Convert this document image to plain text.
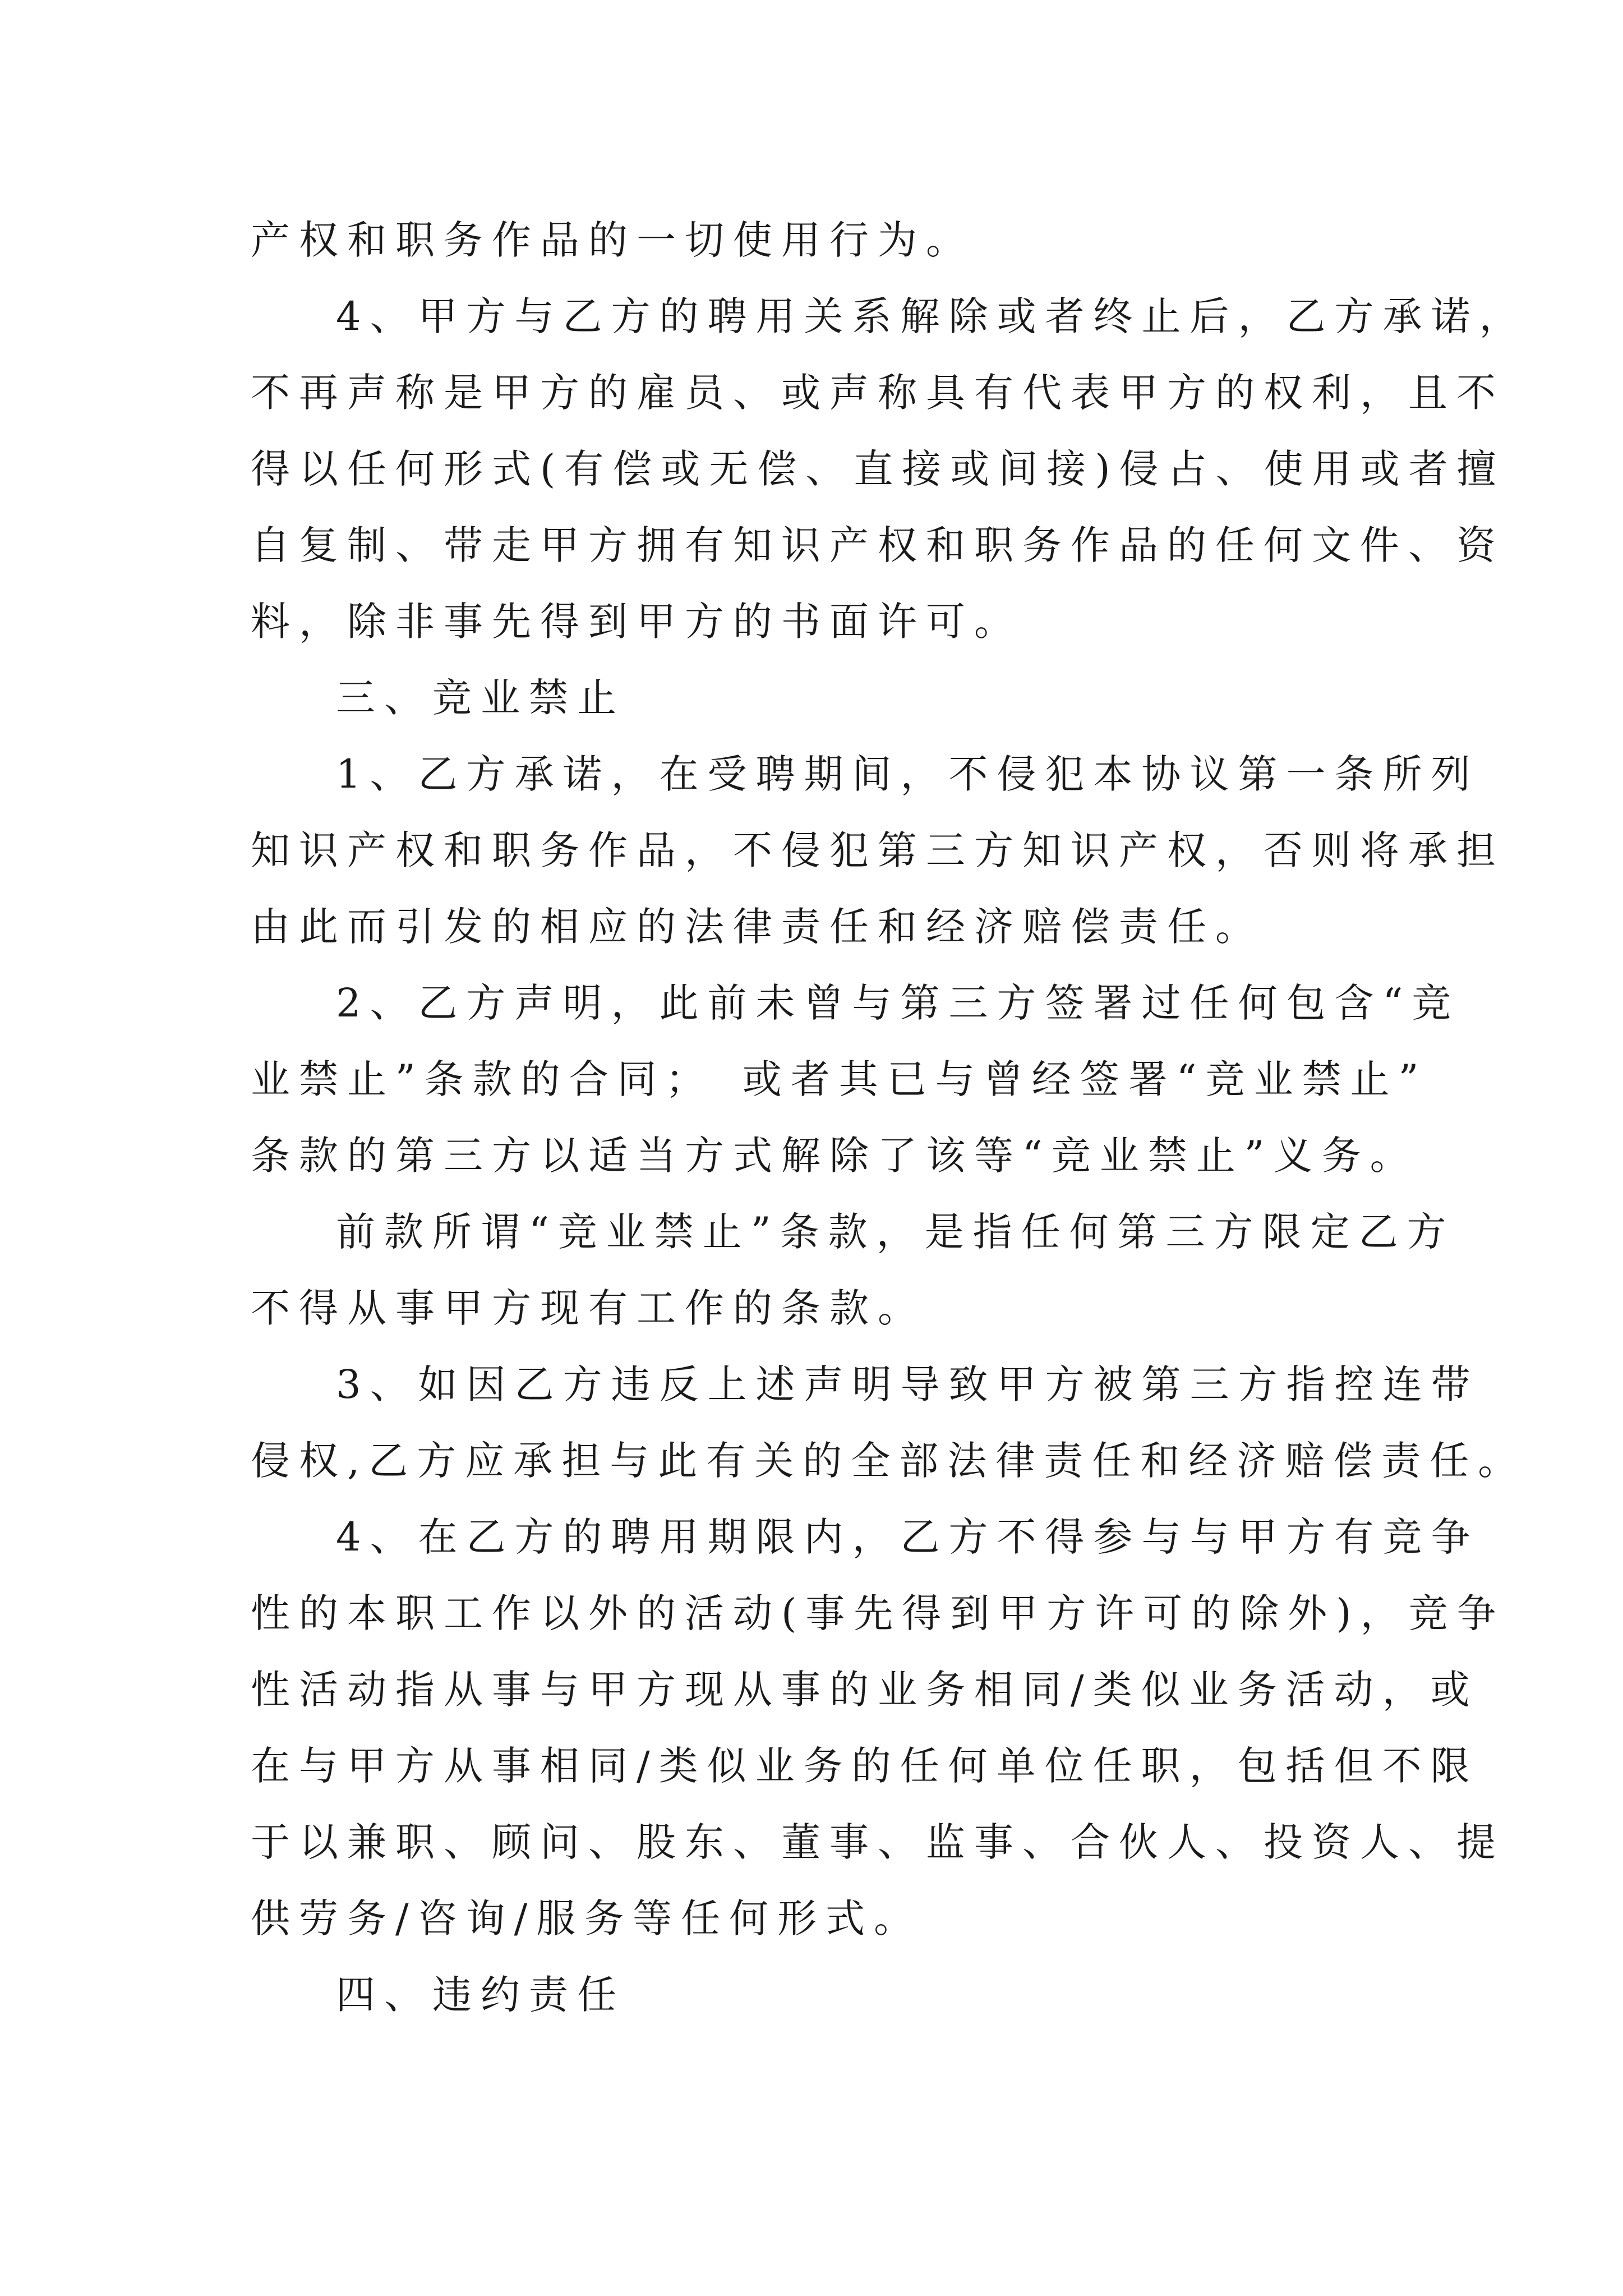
产权和职务作品的一切使用行为。
4、甲方与乙方的聘用关系解除或者终止后，乙方承诺，
不再声称是甲方的雇员、或声称具有代表甲方的权利，且不
得以任何形式(有偿或无偿、直接或间接)侵占、使用或者擅
自复制、带走甲方拥有知识产权和职务作品的任何文件、资
料，除非事先得到甲方的书面许可。
三、竞业禁止
1、乙方承诺，在受聘期间，不侵犯本协议第一条所列
知识产权和职务作品，不侵犯第三方知识产权，否则将承担
由此而引发的相应的法律责任和经济赔偿责任。
2、乙方声明，此前未曾与第三方签署过任何包含“竞
业禁止”条款的合同；　或者其已与曾经签署“竞业禁止”
条款的第三方以适当方式解除了该等“竞业禁止”义务。
前款所谓“竞业禁止”条款，是指任何第三方限定乙方
不得从事甲方现有工作的条款。
3、如因乙方违反上述声明导致甲方被第三方指控连带
侵权,乙方应承担与此有关的全部法律责任和经济赔偿责任。
4、在乙方的聘用期限内，乙方不得参与与甲方有竞争
性的本职工作以外的活动(事先得到甲方许可的除外)，竞争
性活动指从事与甲方现从事的业务相同/类似业务活动，或
在与甲方从事相同/类似业务的任何单位任职，包括但不限
于以兼职、顾问、股东、董事、监事、合伙人、投资人、提
供劳务/咨询/服务等任何形式。
四、违约责任
